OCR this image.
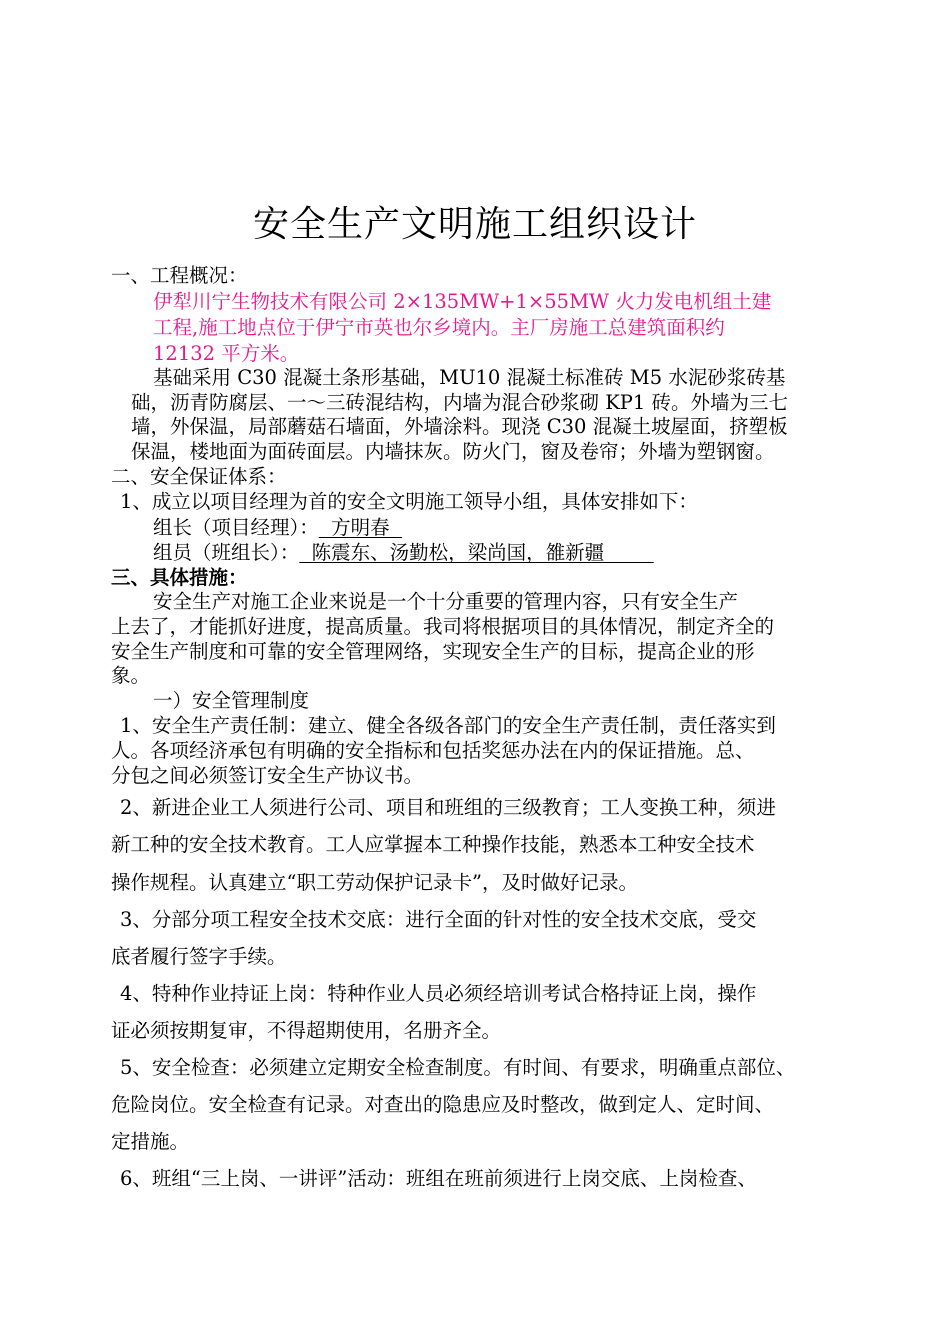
安全生产文明施工组织设计
一、工程概况：
伊犁川宁生物技术有限公司 2×135MW+1×55MW 火力发电机组土建
工程,施工地点位于伊宁市英也尔乡境内。主厂房施工总建筑面积约
12132 平方米。
基础采用 C30 混凝土条形基础，MU10 混凝土标准砖 M5 水泥砂浆砖基
础，沥青防腐层、一～三砖混结构，内墙为混合砂浆砌 KP1 砖。外墙为三七
墙，外保温，局部蘑菇石墙面，外墙涂料。现浇 C30 混凝土坡屋面，挤塑板
保温，楼地面为面砖面层。内墙抹灰。防火门，窗及卷帘；外墙为塑钢窗。
二、安全保证体系：
1、成立以项目经理为首的安全文明施工领导小组，具体安排如下：
组长（项目经理）：  方明春
组员（班组长）：  陈震东、汤勤松，梁尚国，雒新疆
三、具体措施：
安全生产对施工企业来说是一个十分重要的管理内容，只有安全生产
上去了，才能抓好进度，提高质量。我司将根据项目的具体情况，制定齐全的
安全生产制度和可靠的安全管理网络，实现安全生产的目标，提高企业的形
象。
一）安全管理制度
1、安全生产责任制：建立、健全各级各部门的安全生产责任制，责任落实到
人。各项经济承包有明确的安全指标和包括奖惩办法在内的保证措施。总、
分包之间必须签订安全生产协议书。
2、新进企业工人须进行公司、项目和班组的三级教育；工人变换工种，须进
新工种的安全技术教育。工人应掌握本工种操作技能，熟悉本工种安全技术
操作规程。认真建立“职工劳动保护记录卡”，及时做好记录。
3、分部分项工程安全技术交底：进行全面的针对性的安全技术交底，受交
底者履行签字手续。
4、特种作业持证上岗：特种作业人员必须经培训考试合格持证上岗，操作
证必须按期复审，不得超期使用，名册齐全。
5、安全检查：必须建立定期安全检查制度。有时间、有要求，明确重点部位、
危险岗位。安全检查有记录。对查出的隐患应及时整改，做到定人、定时间、
定措施。
6、班组“三上岗、一讲评”活动：班组在班前须进行上岗交底、上岗检查、
